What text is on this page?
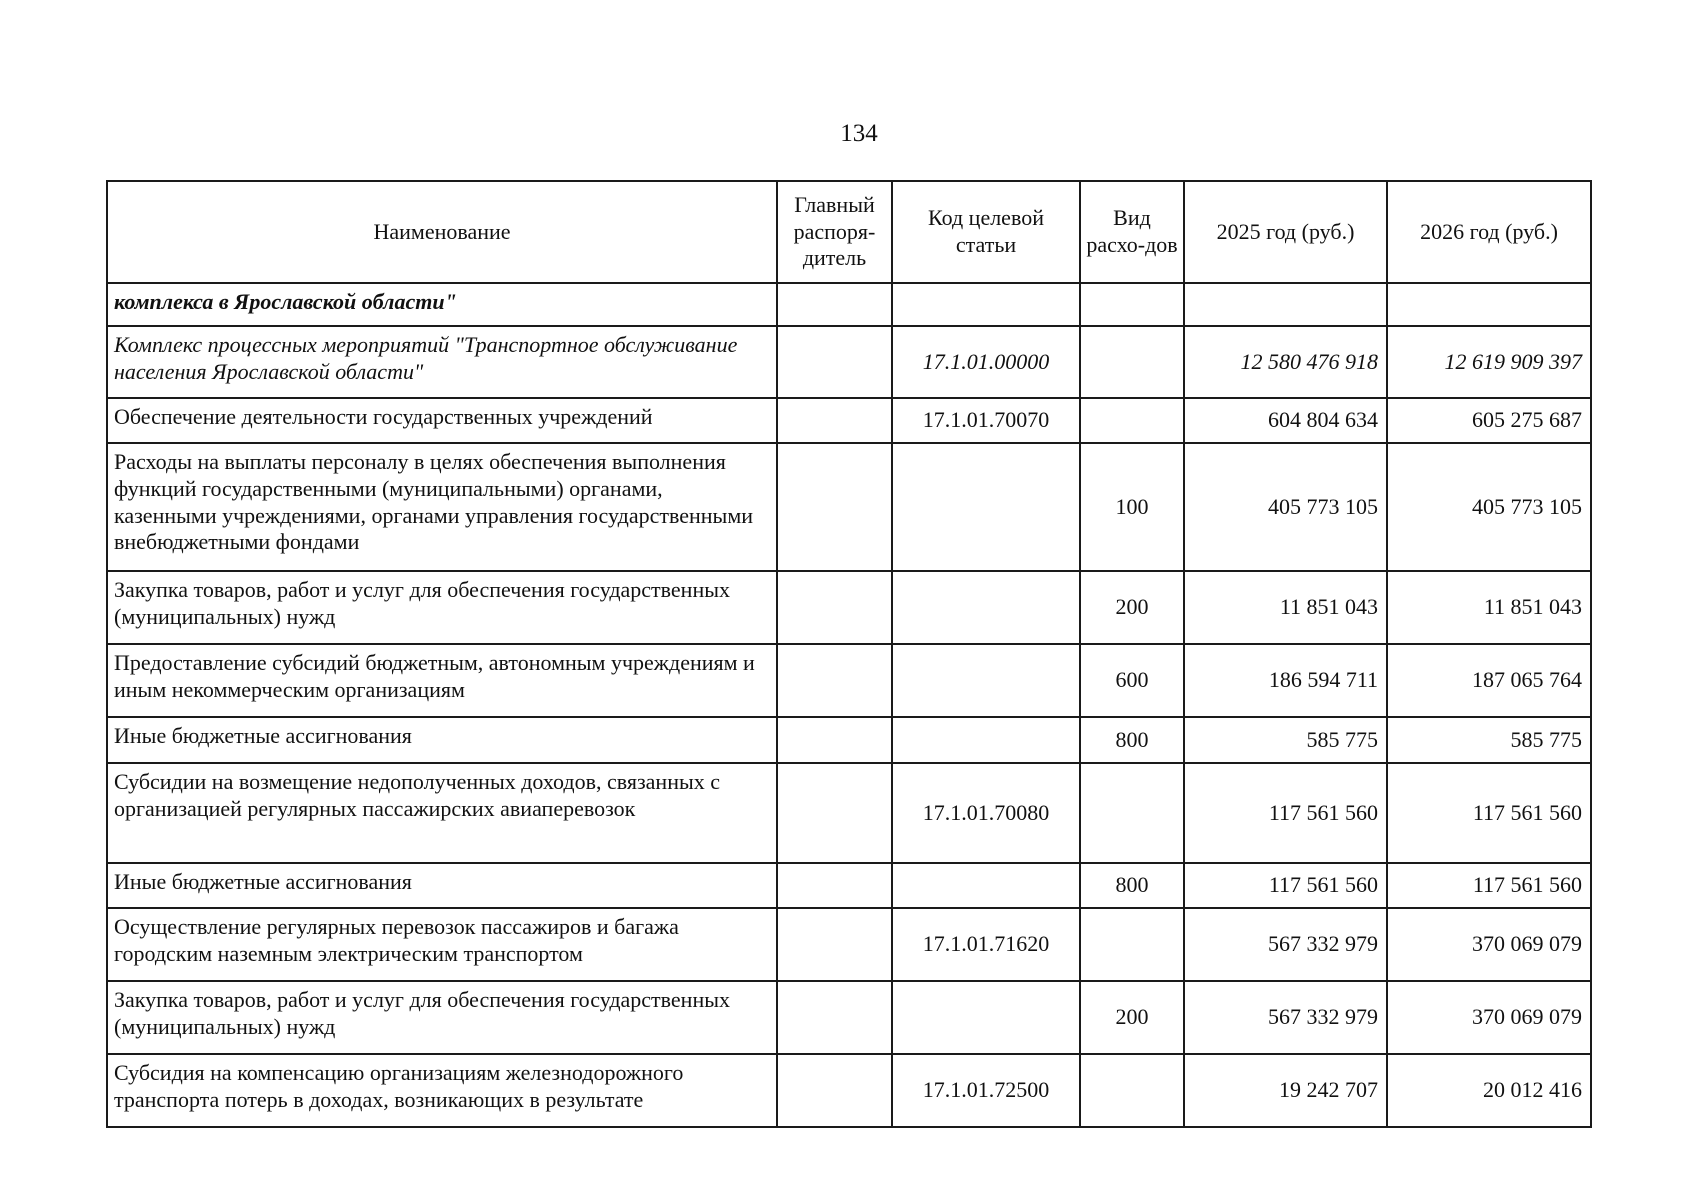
134
Наименование	Главный распоря-дитель	Код целевой статьи	Вид расхо-дов	2025 год (руб.)	2026 год (руб.)
комплекса в Ярославской области"					
Комплекс процессных мероприятий "Транспортное обслуживание населения Ярославской области"		17.1.01.00000		12 580 476 918	12 619 909 397
Обеспечение деятельности государственных учреждений		17.1.01.70070		604 804 634	605 275 687
Расходы на выплаты персоналу в целях обеспечения выполнения функций государственными (муниципальными) органами, казенными учреждениями, органами управления государственными внебюджетными фондами			100	405 773 105	405 773 105
Закупка товаров, работ и услуг для обеспечения государственных (муниципальных) нужд			200	11 851 043	11 851 043
Предоставление субсидий бюджетным, автономным учреждениям и иным некоммерческим организациям			600	186 594 711	187 065 764
Иные бюджетные ассигнования			800	585 775	585 775
Субсидии на возмещение недополученных доходов, связанных с организацией регулярных пассажирских авиаперевозок		17.1.01.70080		117 561 560	117 561 560
Иные бюджетные ассигнования			800	117 561 560	117 561 560
Осуществление регулярных перевозок пассажиров и багажа городским наземным электрическим транспортом		17.1.01.71620		567 332 979	370 069 079
Закупка товаров, работ и услуг для обеспечения государственных (муниципальных) нужд			200	567 332 979	370 069 079
Субсидия на компенсацию организациям железнодорожного транспорта потерь в доходах, возникающих в результате		17.1.01.72500		19 242 707	20 012 416
